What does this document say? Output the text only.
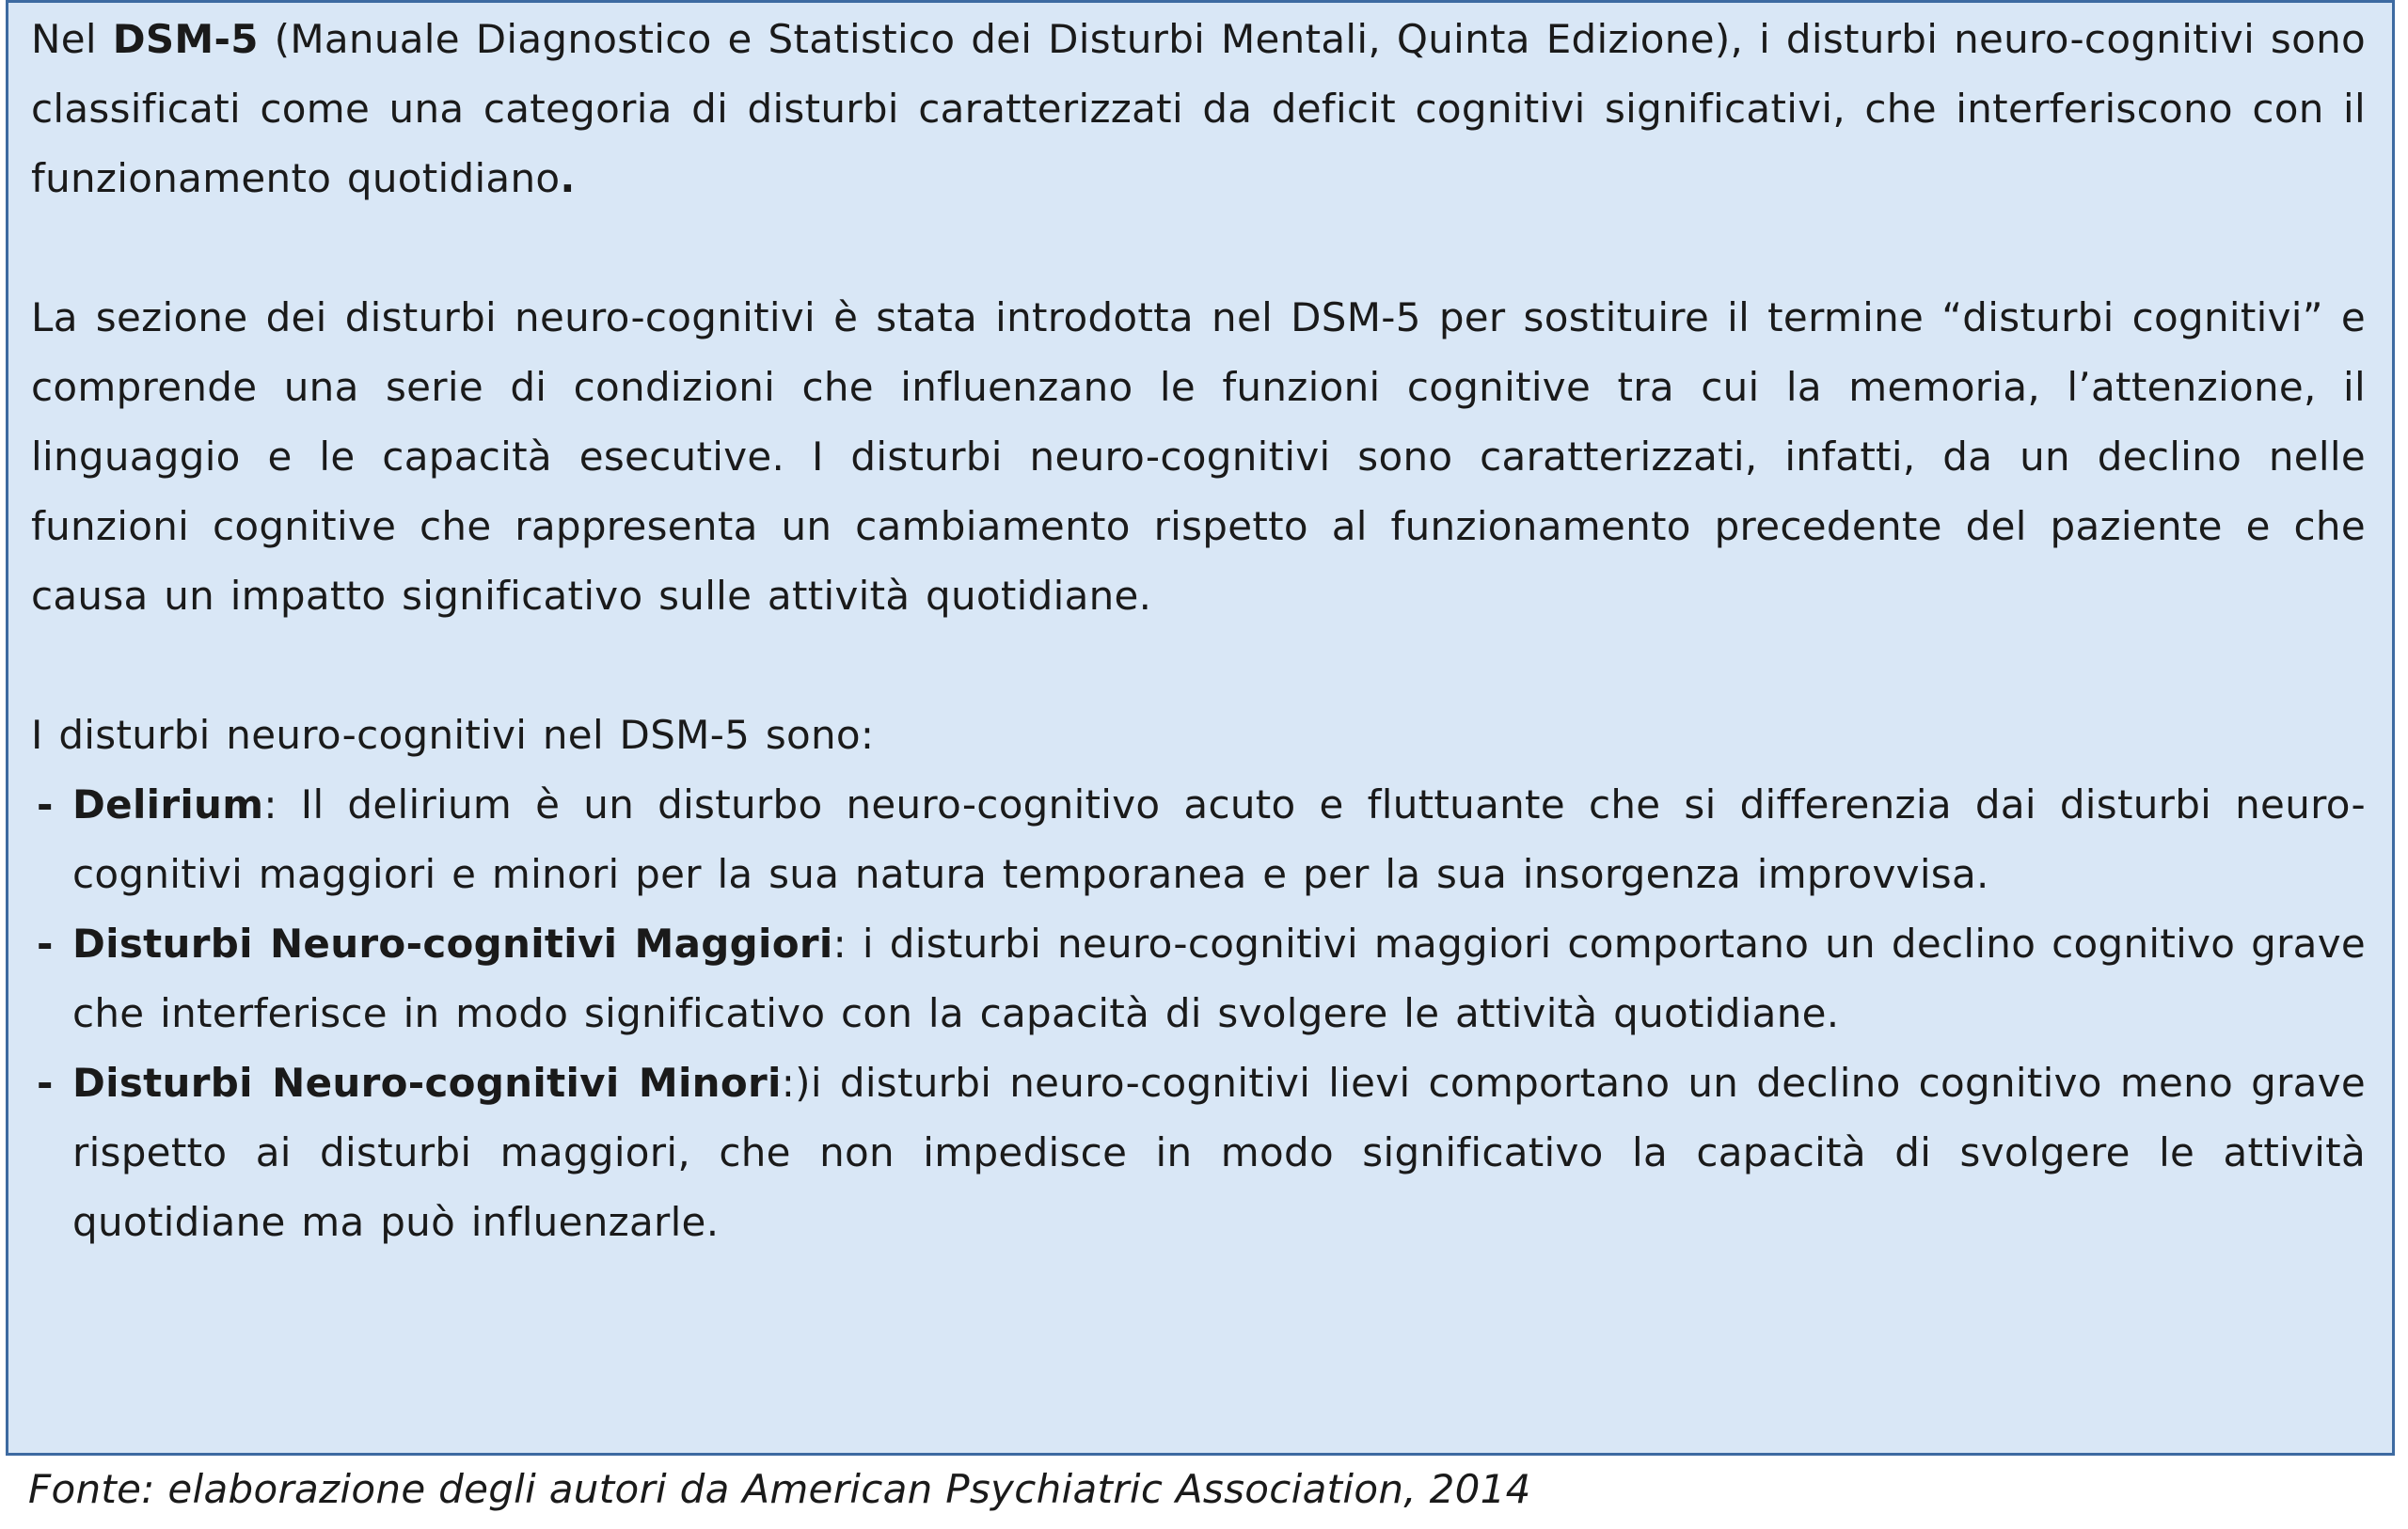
Nel DSM-5 (Manuale Diagnostico e Statistico dei Disturbi Mentali, Quinta Edizione), i disturbi neuro-cognitivi sono classificati come una categoria di disturbi caratterizzati da deficit cognitivi significativi, che interferiscono con il funzionamento quotidiano.

La sezione dei disturbi neuro-cognitivi è stata introdotta nel DSM-5 per sostituire il termine “disturbi cognitivi” e comprende una serie di condizioni che influenzano le funzioni cognitive tra cui la memoria, l’attenzione, il linguaggio e le capacità esecutive. I disturbi neuro-cognitivi sono caratterizzati, infatti, da un declino nelle funzioni cognitive che rappresenta un cambiamento rispetto al funzionamento precedente del paziente e che causa un impatto significativo sulle attività quotidiane.

I disturbi neuro-cognitivi nel DSM-5 sono:

- Delirium: Il delirium è un disturbo neuro-cognitivo acuto e fluttuante che si differenzia dai disturbi neuro-cognitivi maggiori e minori per la sua natura temporanea e per la sua insorgenza improvvisa.
- Disturbi Neuro-cognitivi Maggiori: i disturbi neuro-cognitivi maggiori comportano un declino cognitivo grave che interferisce in modo significativo con la capacità di svolgere le attività quotidiane.
- Disturbi Neuro-cognitivi Minori:)i disturbi neuro-cognitivi lievi comportano un declino cognitivo meno grave rispetto ai disturbi maggiori, che non impedisce in modo significativo la capacità di svolgere le attività quotidiane ma può influenzarle.
Fonte: elaborazione degli autori da American Psychiatric Association, 2014
